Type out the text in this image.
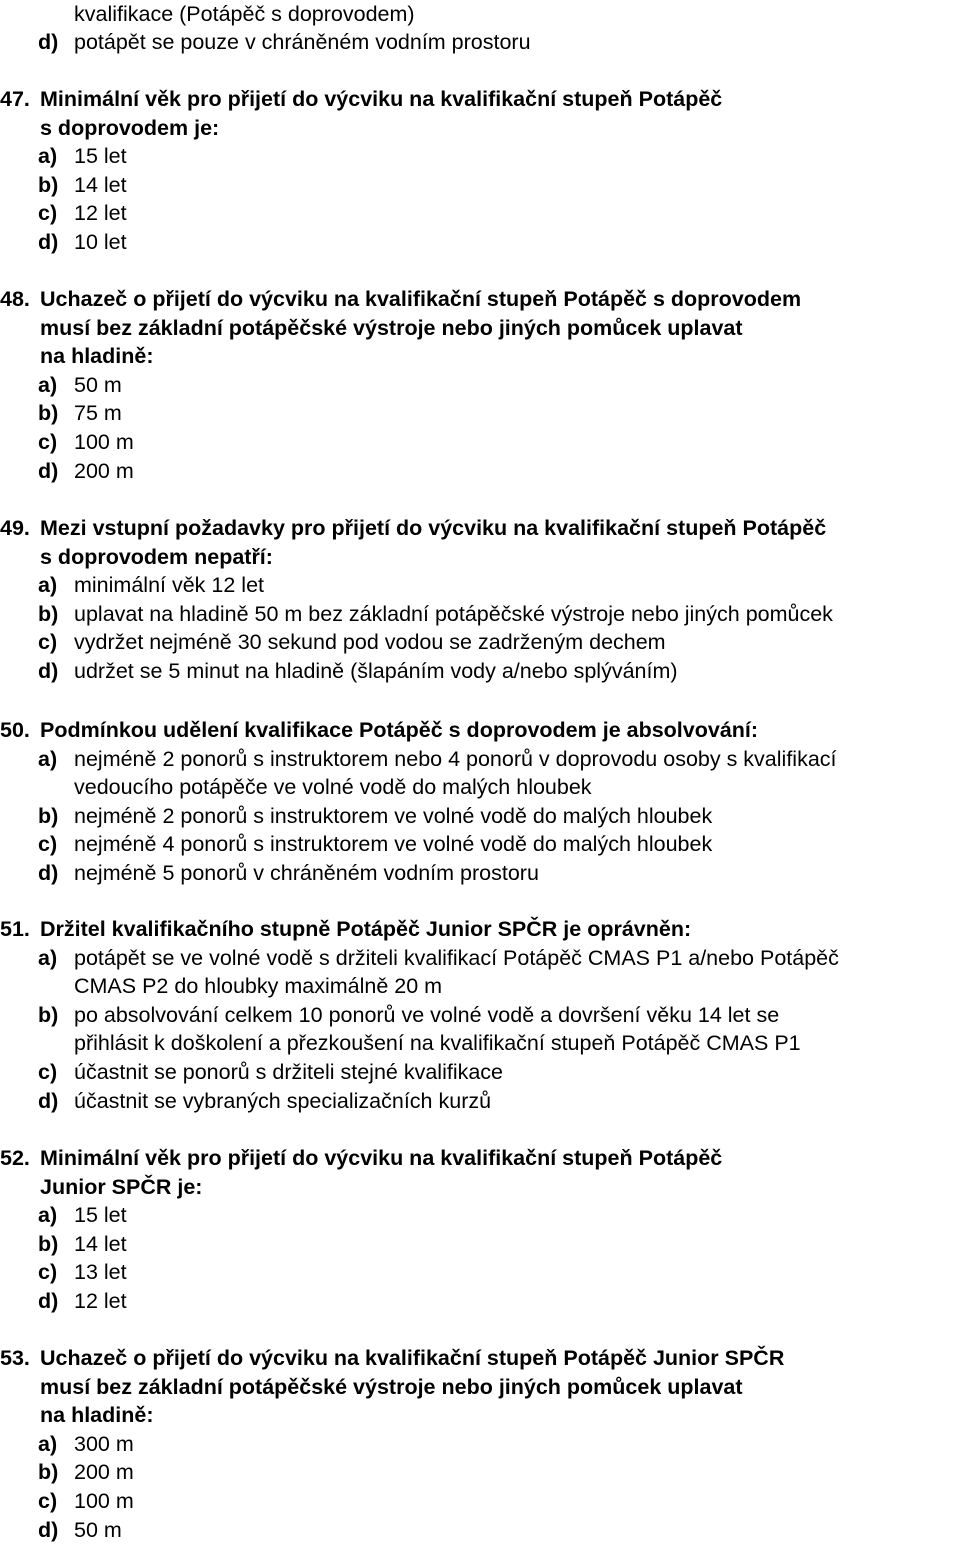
kvalifikace (Potápěč s doprovodem)
d) potápět se pouze v chráněném vodním prostoru
47. Minimální věk pro přijetí do výcviku na kvalifikační stupeň Potápěč
s doprovodem je:
a) 15 let
b) 14 let
c) 12 let
d) 10 let
48. Uchazeč o přijetí do výcviku na kvalifikační stupeň Potápěč s doprovodem
musí bez základní potápěčské výstroje nebo jiných pomůcek uplavat
na hladině:
a) 50 m
b) 75 m
c) 100 m
d) 200 m
49. Mezi vstupní požadavky pro přijetí do výcviku na kvalifikační stupeň Potápěč
s doprovodem nepatří:
a) minimální věk 12 let
b) uplavat na hladině 50 m bez základní potápěčské výstroje nebo jiných pomůcek
c) vydržet nejméně 30 sekund pod vodou se zadrženým dechem
d) udržet se 5 minut na hladině (šlapáním vody a/nebo splýváním)
50. Podmínkou udělení kvalifikace Potápěč s doprovodem je absolvování:
a) nejméně 2 ponorů s instruktorem nebo 4 ponorů v doprovodu osoby s kvalifikací
vedoucího potápěče ve volné vodě do malých hloubek
b) nejméně 2 ponorů s instruktorem ve volné vodě do malých hloubek
c) nejméně 4 ponorů s instruktorem ve volné vodě do malých hloubek
d) nejméně 5 ponorů v chráněném vodním prostoru
51. Držitel kvalifikačního stupně Potápěč Junior SPČR je oprávněn:
a) potápět se ve volné vodě s držiteli kvalifikací Potápěč CMAS P1 a/nebo Potápěč
CMAS P2 do hloubky maximálně 20 m
b) po absolvování celkem 10 ponorů ve volné vodě a dovršení věku 14 let se
přihlásit k doškolení a přezkoušení na kvalifikační stupeň Potápěč CMAS P1
c) účastnit se ponorů s držiteli stejné kvalifikace
d) účastnit se vybraných specializačních kurzů
52. Minimální věk pro přijetí do výcviku na kvalifikační stupeň Potápěč
Junior SPČR je:
a) 15 let
b) 14 let
c) 13 let
d) 12 let
53. Uchazeč o přijetí do výcviku na kvalifikační stupeň Potápěč Junior SPČR
musí bez základní potápěčské výstroje nebo jiných pomůcek uplavat
na hladině:
a) 300 m
b) 200 m
c) 100 m
d) 50 m
